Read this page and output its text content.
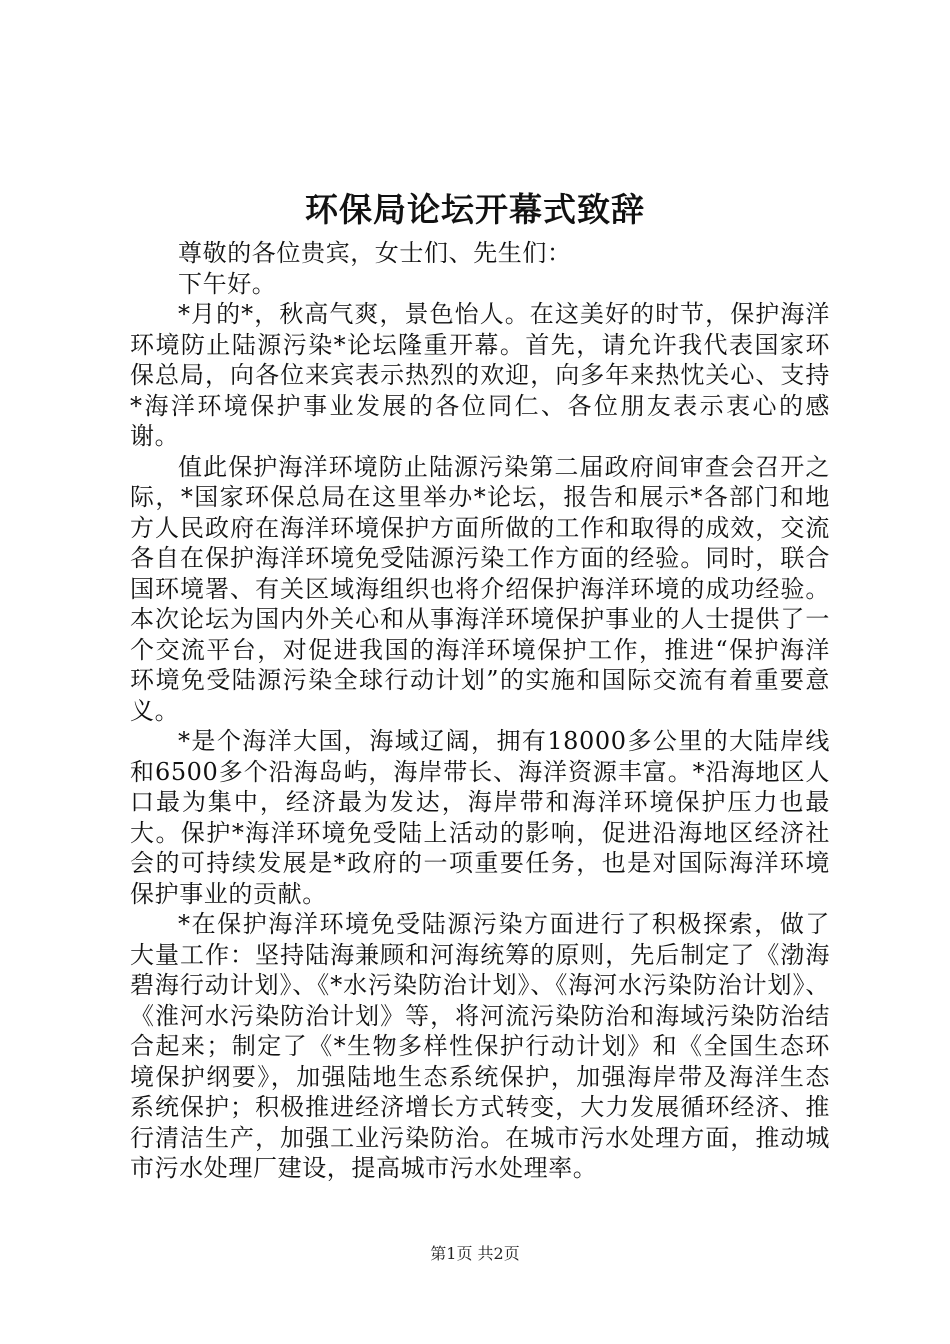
环保局论坛开幕式致辞

尊敬的各位贵宾，女士们、先生们：

下午好。

*月的*，秋高气爽，景色怡人。在这美好的时节，保护海洋环境防止陆源污染*论坛隆重开幕。首先，请允许我代表国家环保总局，向各位来宾表示热烈的欢迎，向多年来热忱关心、支持*海洋环境保护事业发展的各位同仁、各位朋友表示衷心的感谢。

值此保护海洋环境防止陆源污染第二届政府间审查会召开之际，*国家环保总局在这里举办*论坛，报告和展示*各部门和地方人民政府在海洋环境保护方面所做的工作和取得的成效，交流各自在保护海洋环境免受陆源污染工作方面的经验。同时，联合国环境署、有关区域海组织也将介绍保护海洋环境的成功经验。本次论坛为国内外关心和从事海洋环境保护事业的人士提供了一个交流平台，对促进我国的海洋环境保护工作，推进“保护海洋环境免受陆源污染全球行动计划”的实施和国际交流有着重要意义。

*是个海洋大国，海域辽阔，拥有18000多公里的大陆岸线和6500多个沿海岛屿，海岸带长、海洋资源丰富。*沿海地区人口最为集中，经济最为发达，海岸带和海洋环境保护压力也最大。保护*海洋环境免受陆上活动的影响，促进沿海地区经济社会的可持续发展是*政府的一项重要任务，也是对国际海洋环境保护事业的贡献。

*在保护海洋环境免受陆源污染方面进行了积极探索，做了大量工作：坚持陆海兼顾和河海统筹的原则，先后制定了《渤海碧海行动计划》、《*水污染防治计划》、《海河水污染防治计划》、《淮河水污染防治计划》等，将河流污染防治和海域污染防治结合起来；制定了《*生物多样性保护行动计划》和《全国生态环境保护纲要》，加强陆地生态系统保护，加强海岸带及海洋生态系统保护；积极推进经济增长方式转变，大力发展循环经济、推行清洁生产，加强工业污染防治。在城市污水处理方面，推动城市污水处理厂建设，提高城市污水处理率。

第1页 共2页
